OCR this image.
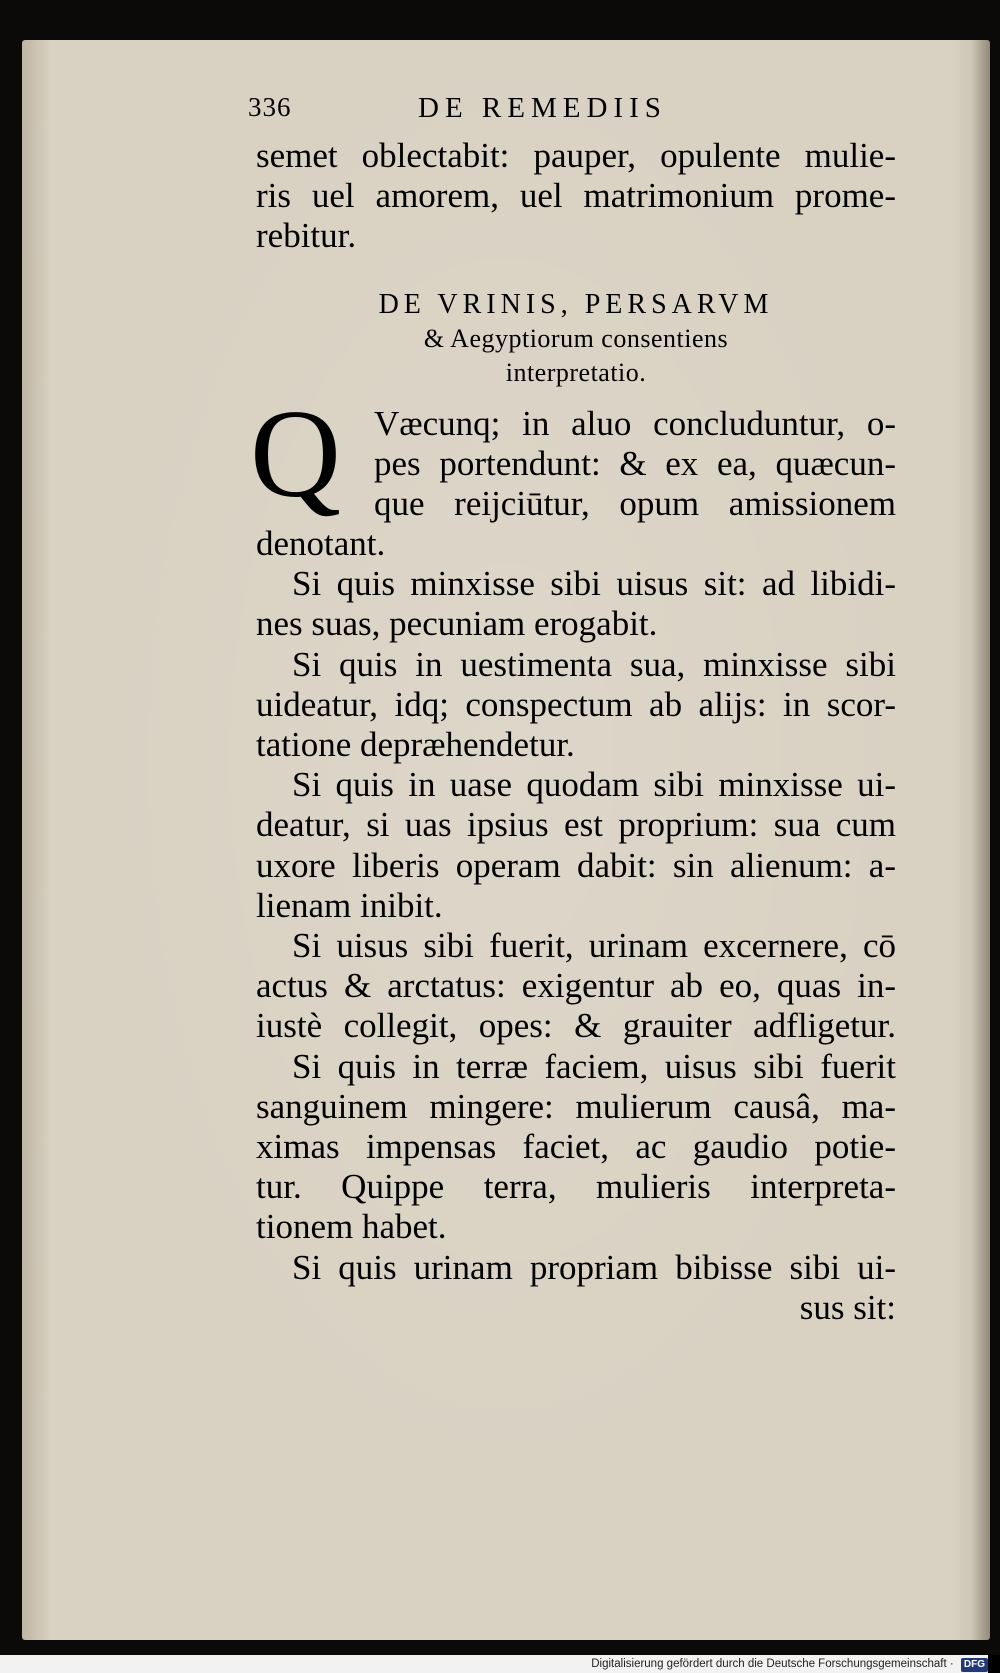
336	DE REMEDIIS
semet oblectabit: pauper, opulente mulie-
ris uel amorem, uel matrimonium prome-
rebitur.
DE VRINIS, PERSARVM
& Aegyptiorum consentiens
interpretatio.
Q Væcunq; in aluo concluduntur, o-
pes portendunt: & ex ea, quæcun-
que reijciūtur, opum amissionem
denotant.
Si quis minxisse sibi uisus sit: ad libidi-
nes suas, pecuniam erogabit.
Si quis in uestimenta sua, minxisse sibi
uideatur, idq; conspectum ab alijs: in scor-
tatione depræhendetur.
Si quis in uase quodam sibi minxisse ui-
deatur, si uas ipsius est proprium: sua cum
uxore liberis operam dabit: sin alienum: a-
lienam inibit.
Si uisus sibi fuerit, urinam excernere, cō
actus & arctatus: exigentur ab eo, quas in-
iustè collegit, opes: & grauiter adfligetur.
Si quis in terræ faciem, uisus sibi fuerit
sanguinem mingere: mulierum causâ, ma-
ximas impensas faciet, ac gaudio potie-
tur. Quippe terra, mulieris interpreta-
tionem habet.
Si quis urinam propriam bibisse sibi ui-
sus sit:
Digitalisierung gefördert durch die Deutsche Forschungsgemeinschaft · DFG
